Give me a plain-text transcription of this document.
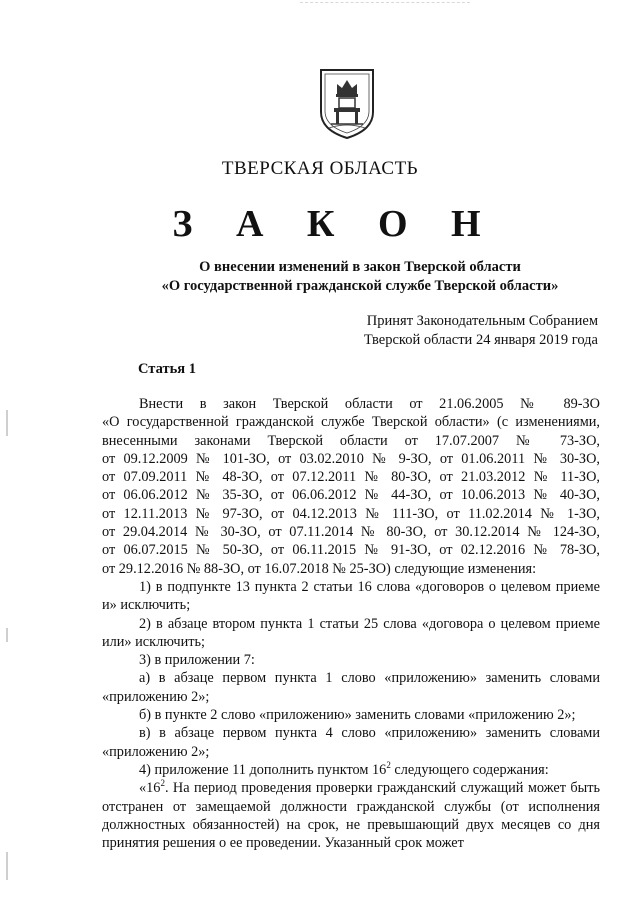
ТВЕРСКАЯ ОБЛАСТЬ
З А К О Н
О внесении изменений в закон Тверской области
«О государственной гражданской службе Тверской области»
Принят Законодательным Собранием
Тверской области 24 января 2019 года
Статья 1
Внести в закон Тверской области от 21.06.2005 № 89-ЗО
«О государственной гражданской службе Тверской области» (с изменениями,
внесенными законами Тверской области от 17.07.2007 № 73-ЗО,
от 09.12.2009 № 101-ЗО, от 03.02.2010 № 9-ЗО, от 01.06.2011 № 30-ЗО,
от 07.09.2011 № 48-ЗО, от 07.12.2011 № 80-ЗО, от 21.03.2012 № 11-ЗО,
от 06.06.2012 № 35-ЗО, от 06.06.2012 № 44-ЗО, от 10.06.2013 № 40-ЗО,
от 12.11.2013 № 97-ЗО, от 04.12.2013 № 111-ЗО, от 11.02.2014 № 1-ЗО,
от 29.04.2014 № 30-ЗО, от 07.11.2014 № 80-ЗО, от 30.12.2014 № 124-ЗО,
от 06.07.2015 № 50-ЗО, от 06.11.2015 № 91-ЗО, от 02.12.2016 № 78-ЗО,
от 29.12.2016 № 88-ЗО, от 16.07.2018 № 25-ЗО) следующие изменения:

1) в подпункте 13 пункта 2 статьи 16 слова «договоров о целевом приеме и» исключить;

2) в абзаце втором пункта 1 статьи 25 слова «договора о целевом приеме или» исключить;

3) в приложении 7:

а) в абзаце первом пункта 1 слово «приложению» заменить словами «приложению 2»;

б) в пункте 2 слово «приложению» заменить словами «приложению 2»;

в) в абзаце первом пункта 4 слово «приложению» заменить словами «приложению 2»;

4) приложение 11 дополнить пунктом $16^2$ следующего содержания:

«$16^2$. На период проведения проверки гражданский служащий может быть отстранен от замещаемой должности гражданской службы (от исполнения должностных обязанностей) на срок, не превышающий двух месяцев со дня принятия решения о ее проведении. Указанный срок может
